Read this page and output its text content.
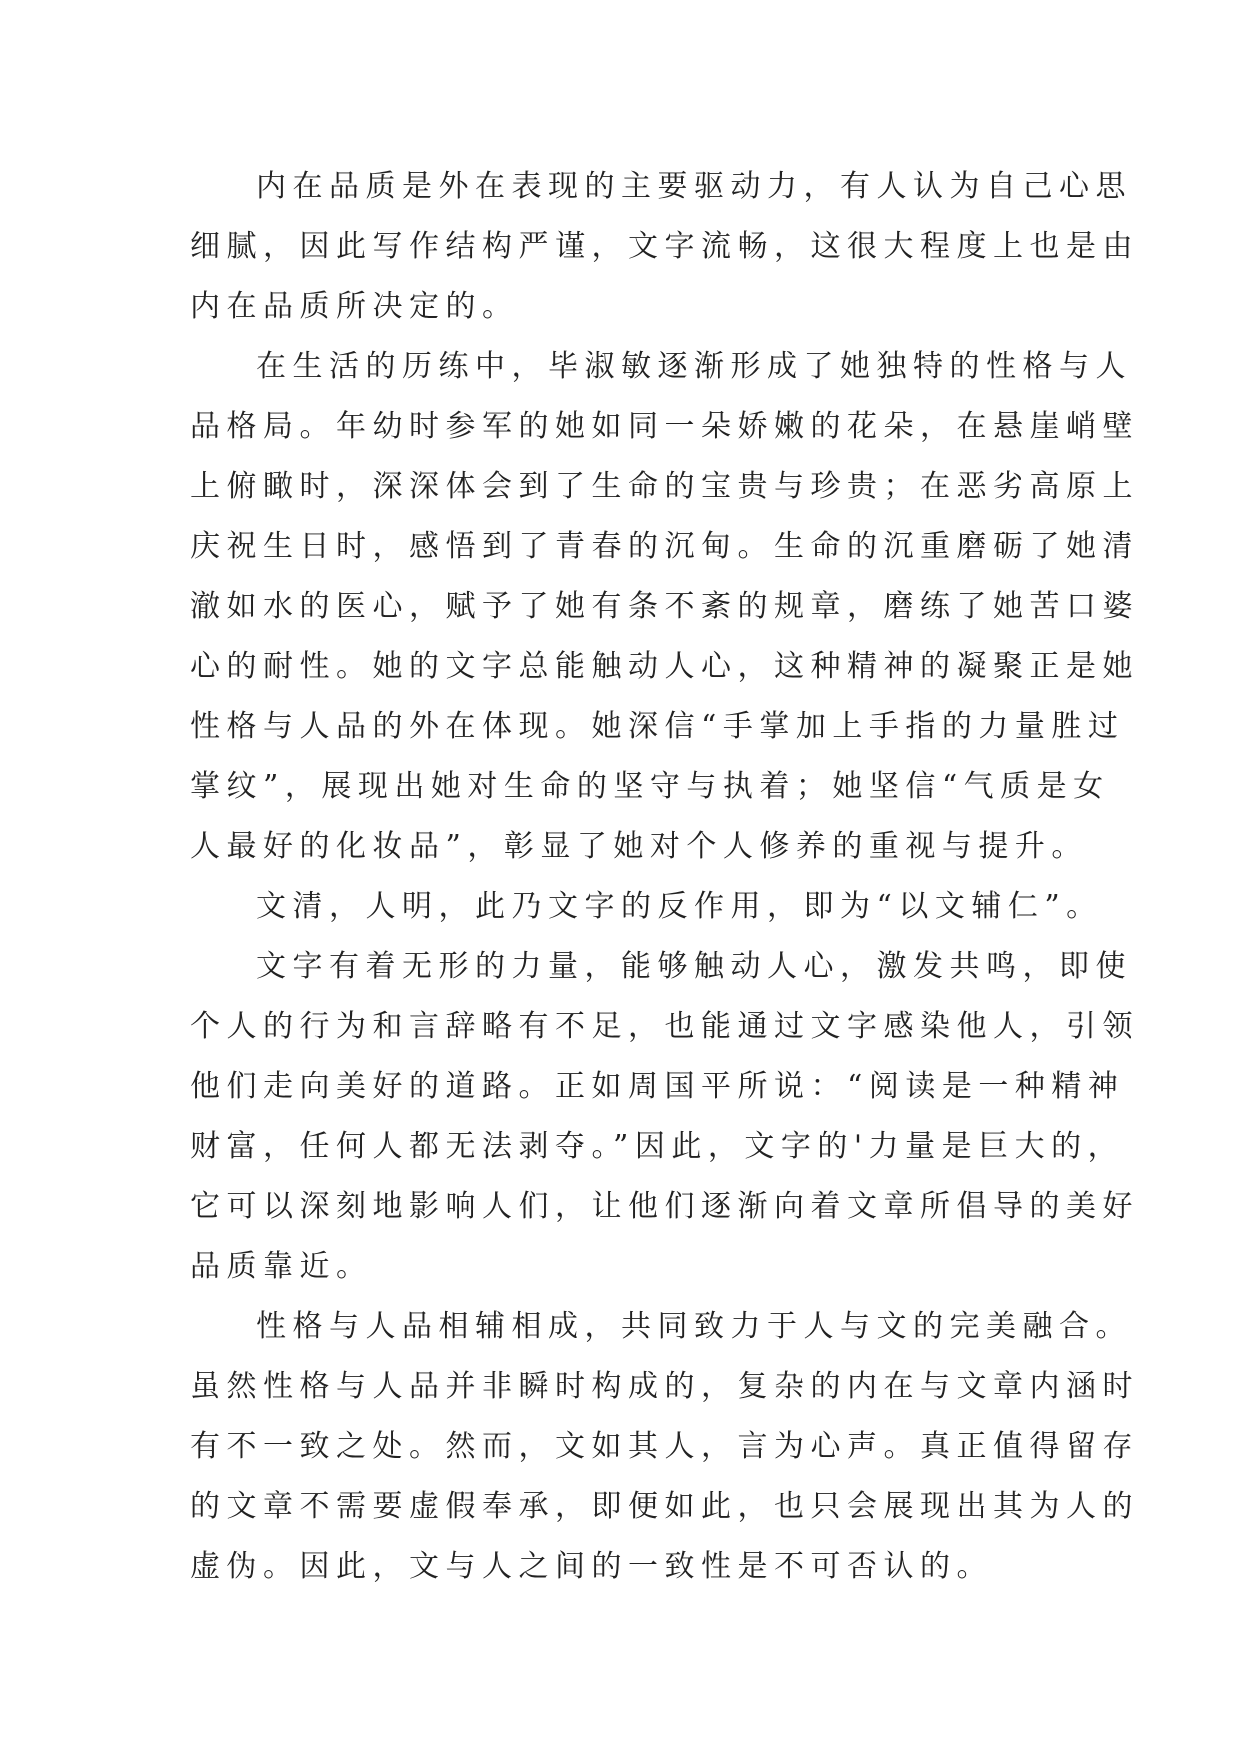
内在品质是外在表现的主要驱动力，有人认为自己心思
细腻，因此写作结构严谨，文字流畅，这很大程度上也是由
内在品质所决定的。
在生活的历练中，毕淑敏逐渐形成了她独特的性格与人
品格局。年幼时参军的她如同一朵娇嫩的花朵，在悬崖峭壁
上俯瞰时，深深体会到了生命的宝贵与珍贵；在恶劣高原上
庆祝生日时，感悟到了青春的沉甸。生命的沉重磨砺了她清
澈如水的医心，赋予了她有条不紊的规章，磨练了她苦口婆
心的耐性。她的文字总能触动人心，这种精神的凝聚正是她
性格与人品的外在体现。她深信“手掌加上手指的力量胜过
掌纹”，展现出她对生命的坚守与执着；她坚信“气质是女
人最好的化妆品”，彰显了她对个人修养的重视与提升。
文清，人明，此乃文字的反作用，即为“以文辅仁”。
文字有着无形的力量，能够触动人心，激发共鸣，即使
个人的行为和言辞略有不足，也能通过文字感染他人，引领
他们走向美好的道路。正如周国平所说：“阅读是一种精神
财富，任何人都无法剥夺。”因此，文字的'力量是巨大的，
它可以深刻地影响人们，让他们逐渐向着文章所倡导的美好
品质靠近。
性格与人品相辅相成，共同致力于人与文的完美融合。
虽然性格与人品并非瞬时构成的，复杂的内在与文章内涵时
有不一致之处。然而，文如其人，言为心声。真正值得留存
的文章不需要虚假奉承，即便如此，也只会展现出其为人的
虚伪。因此，文与人之间的一致性是不可否认的。
